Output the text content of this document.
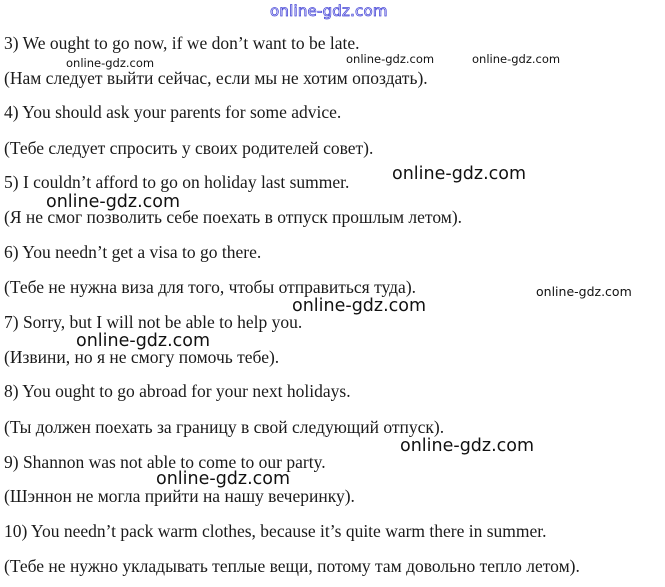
online-gdz.com
3) We ought to go now, if we don’t want to be late.
(Нам следует выйти сейчас, если мы не хотим опоздать).
4) You should ask your parents for some advice.
(Тебе следует спросить у своих родителей совет).
5) I couldn’t afford to go on holiday last summer.
(Я не смог позволить себе поехать в отпуск прошлым летом).
6) You needn’t get a visa to go there.
(Тебе не нужна виза для того, чтобы отправиться туда).
7) Sorry, but I will not be able to help you.
(Извини, но я не смогу помочь тебе).
8) You ought to go abroad for your next holidays.
(Ты должен поехать за границу в свой следующий отпуск).
9) Shannon was not able to come to our party.
(Шэннон не могла прийти на нашу вечеринку).
10) You needn’t pack warm clothes, because it’s quite warm there in summer.
(Тебе не нужно укладывать теплые вещи, потому там довольно тепло летом).
online-gdz.com	online-gdz.com	online-gdz.com
online-gdz.com
online-gdz.com
online-gdz.com
online-gdz.com
online-gdz.com
online-gdz.com
online-gdz.com
